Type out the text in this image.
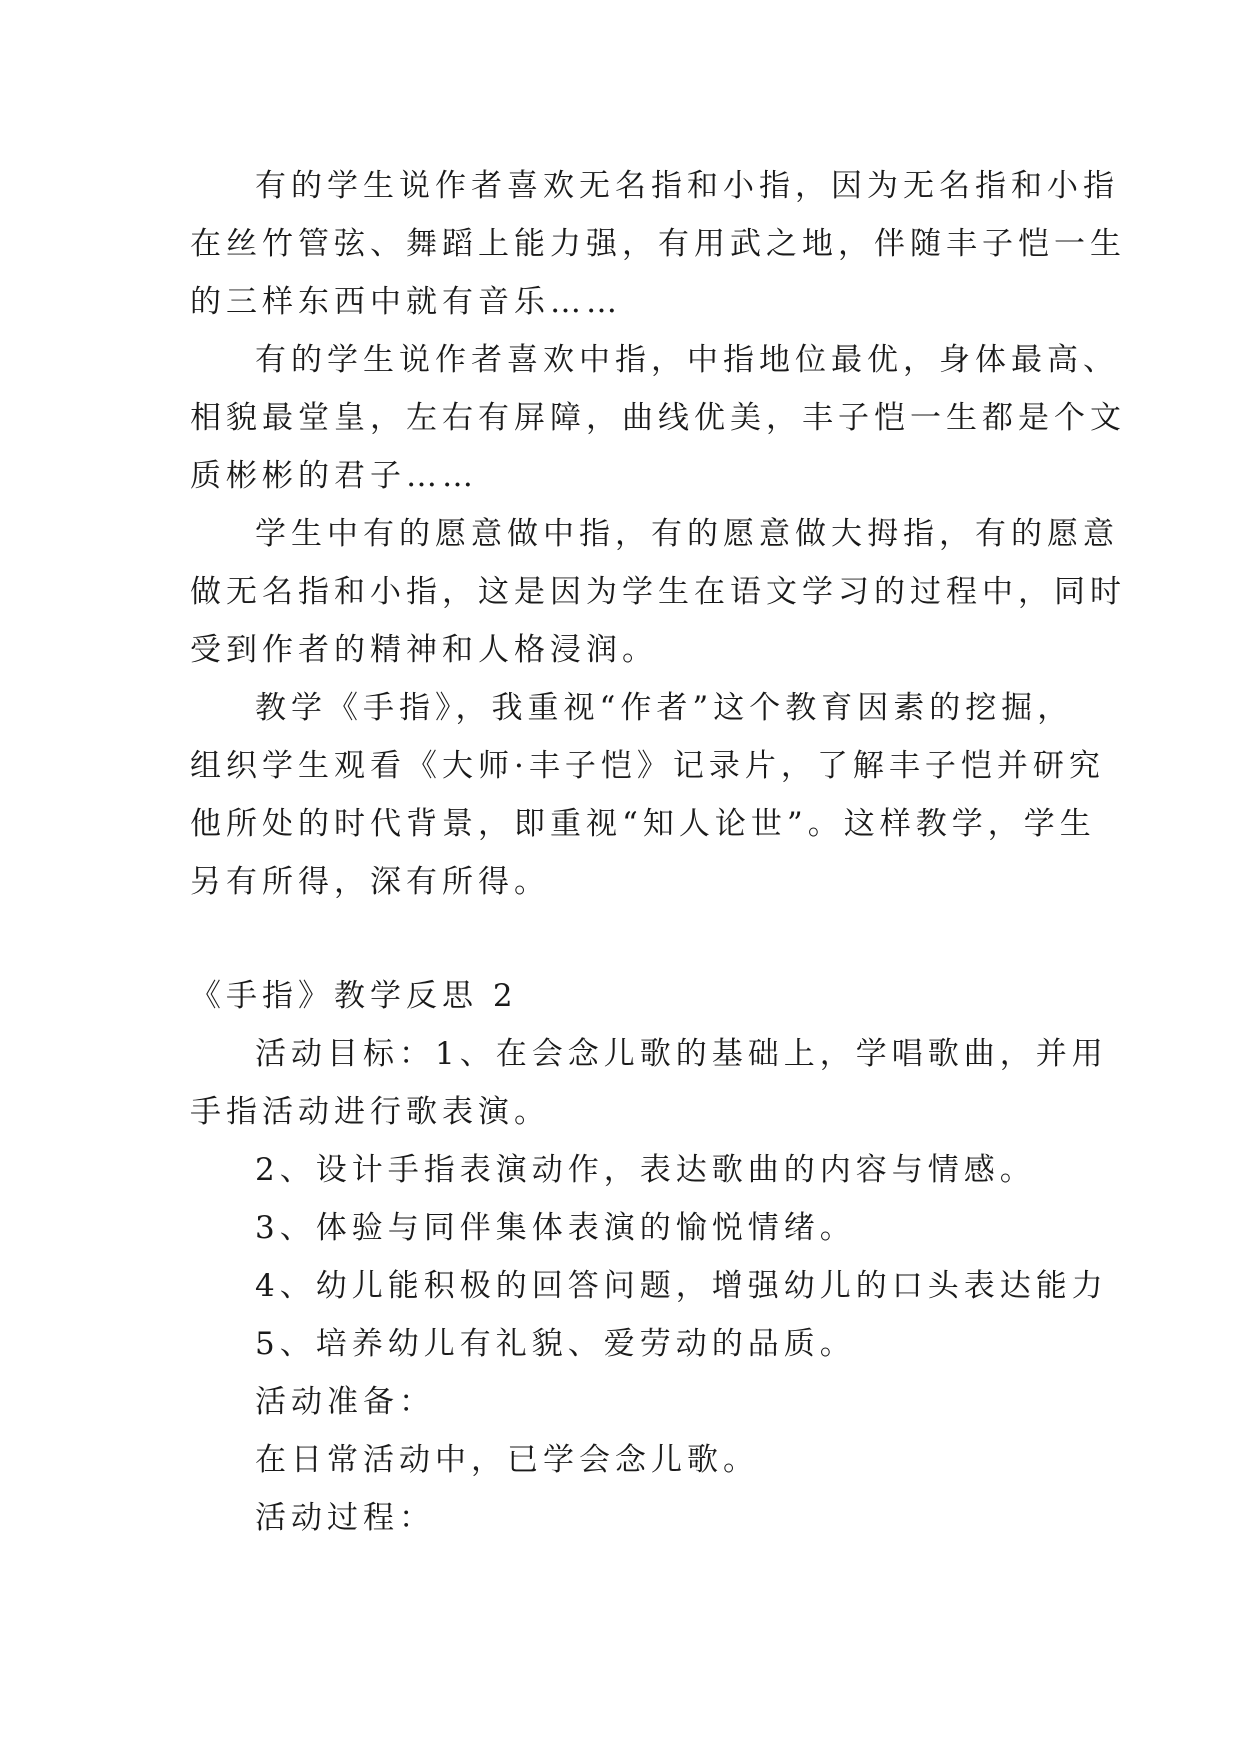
有的学生说作者喜欢无名指和小指，因为无名指和小指
在丝竹管弦、舞蹈上能力强，有用武之地，伴随丰子恺一生
的三样东西中就有音乐……
有的学生说作者喜欢中指，中指地位最优，身体最高、
相貌最堂皇，左右有屏障，曲线优美，丰子恺一生都是个文
质彬彬的君子……
学生中有的愿意做中指，有的愿意做大拇指，有的愿意
做无名指和小指，这是因为学生在语文学习的过程中，同时
受到作者的精神和人格浸润。
教学《手指》，我重视“作者”这个教育因素的挖掘，
组织学生观看《大师·丰子恺》记录片，了解丰子恺并研究
他所处的时代背景，即重视“知人论世”。这样教学，学生
另有所得，深有所得。
《手指》教学反思 2
活动目标：1、在会念儿歌的基础上，学唱歌曲，并用
手指活动进行歌表演。
2、设计手指表演动作，表达歌曲的内容与情感。
3、体验与同伴集体表演的愉悦情绪。
4、幼儿能积极的回答问题，增强幼儿的口头表达能力
5、培养幼儿有礼貌、爱劳动的品质。
活动准备：
在日常活动中，已学会念儿歌。
活动过程：
